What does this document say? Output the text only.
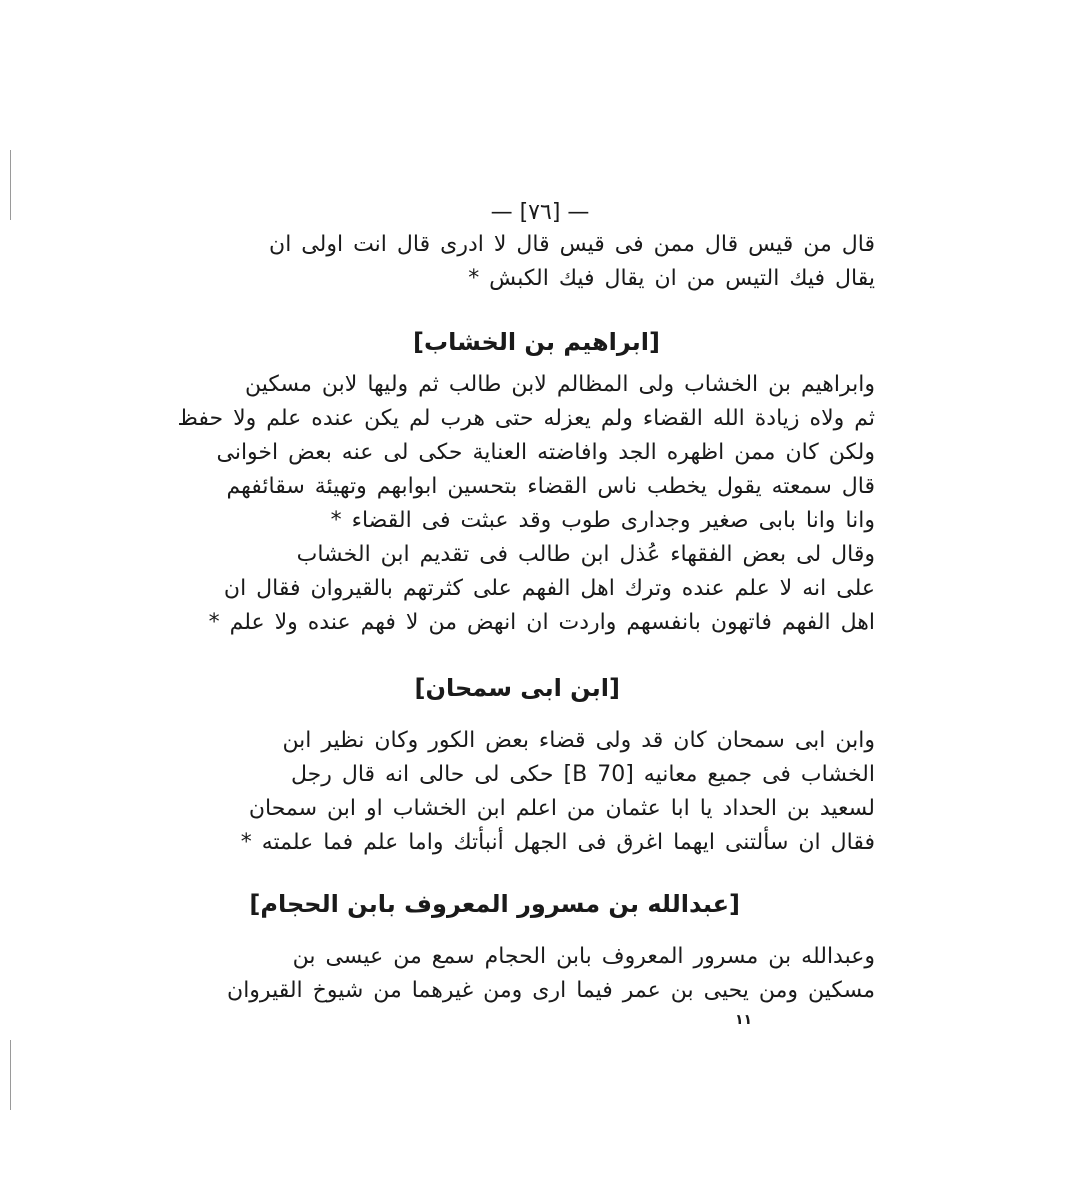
— [٧٦] —
قال من قيس قال ممن فى قيس قال لا ادرى قال انت اولى ان
يقال فيك التيس من ان يقال فيك الكبش *
[ابراهيم بن الخشاب]
وابراهيم بن الخشاب ولى المظالم لابن طالب ثم وليها لابن مسكين
ثم ولاه زيادة الله القضاء ولم يعزله حتى هرب لم يكن عنده علم ولا حفظ
ولكن كان ممن اظهره الجد وافاضته العناية حكى لى عنه بعض اخوانى
قال سمعته يقول يخطب ناس القضاء بتحسين ابوابهم وتهيئة سقائفهم
وانا وانا بابى صغير وجدارى طوب وقد عبثت فى القضاء *
وقال لى بعض الفقهاء عُذل ابن طالب فى تقديم ابن الخشاب
على انه لا علم عنده وترك اهل الفهم على كثرتهم بالقيروان فقال ان
اهل الفهم فاتهون بانفسهم واردت ان انهض من لا فهم عنده ولا علم *
[ابن ابى سمحان]
وابن ابى سمحان كان قد ولى قضاء بعض الكور وكان نظير ابن
الخشاب فى جميع معانيه [70 B] حكى لى حالى انه قال رجل
لسعيد بن الحداد يا ابا عثمان من اعلم ابن الخشاب او ابن سمحان
فقال ان سألتنى ايهما اغرق فى الجهل أنبأتك واما علم فما علمته *
[عبدالله بن مسرور المعروف بابن الحجام]
وعبدالله بن مسرور المعروف بابن الحجام سمع من عيسى بن
مسكين ومن يحيى بن عمر فيما ارى ومن غيرهما من شيوخ القيروان
١١
